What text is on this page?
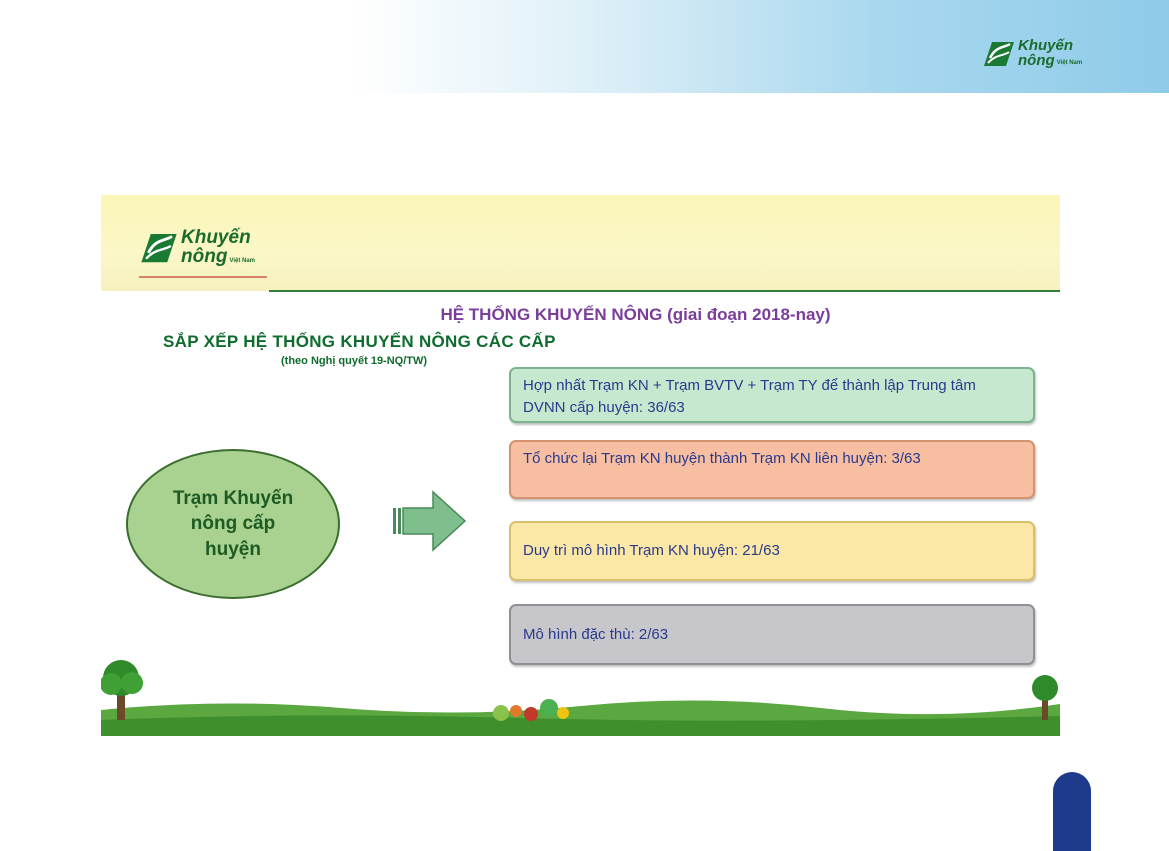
Khuyến
nông Việt Nam
Khuyến
nông Việt Nam
HỆ THỐNG KHUYẾN NÔNG (giai đoạn 2018-nay)
SẮP XẾP HỆ THỐNG KHUYẾN NÔNG CÁC CẤP
(theo Nghị quyết 19-NQ/TW)
Trạm Khuyến nông cấp huyện
Hợp nhất Trạm KN + Trạm BVTV + Trạm TY để thành lập Trung tâm DVNN cấp huyện: 36/63
Tổ chức lại Trạm KN huyện thành Trạm KN liên huyện: 3/63
Duy trì mô hình Trạm KN huyện: 21/63
Mô hình đặc thù: 2/63
